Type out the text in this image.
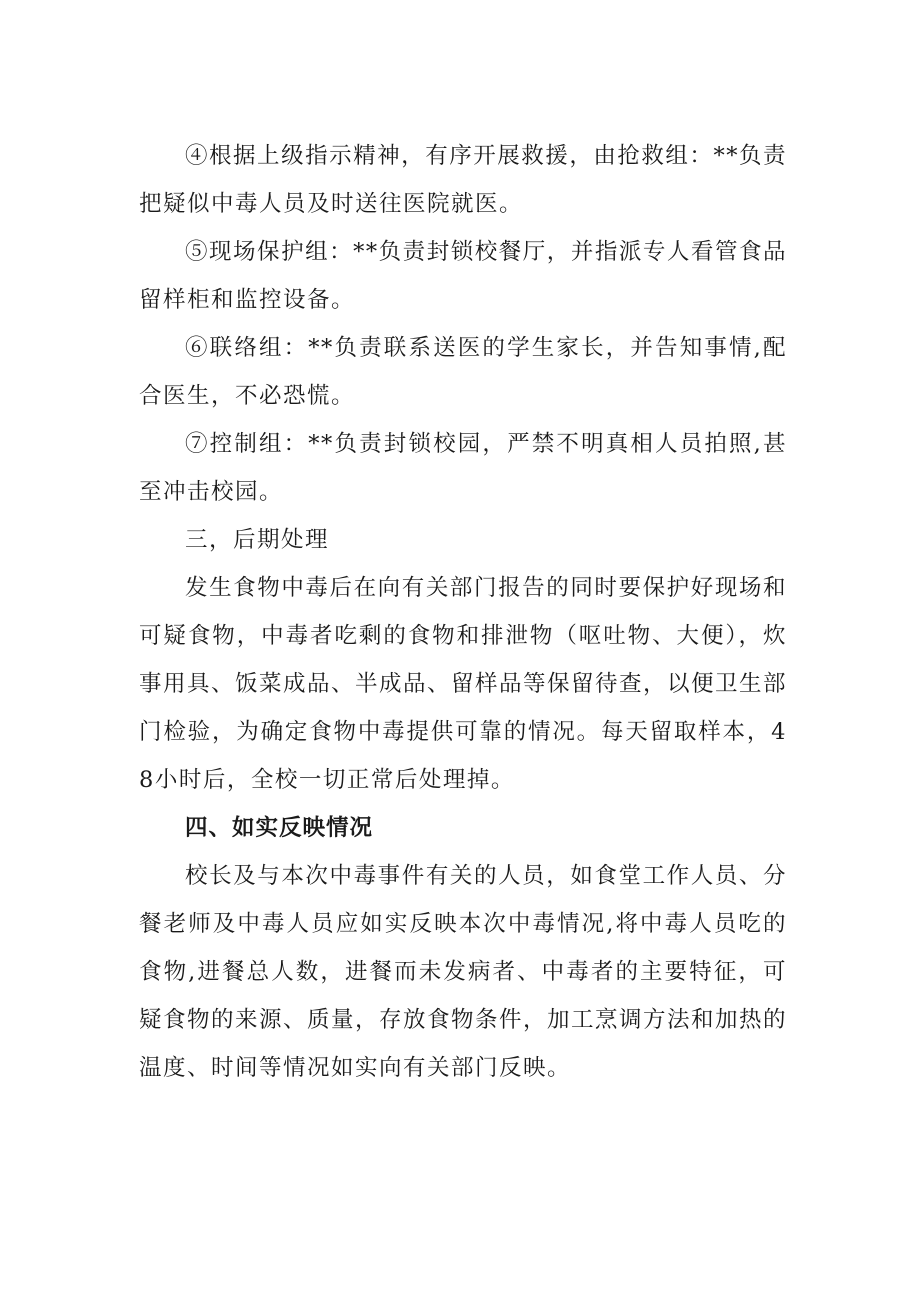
④根据上级指示精神，有序开展救援，由抢救组：**负责把疑似中毒人员及时送往医院就医。

⑤现场保护组：**负责封锁校餐厅，并指派专人看管食品留样柜和监控设备。

⑥联络组：**负责联系送医的学生家长，并告知事情,配合医生，不必恐慌。

⑦控制组：**负责封锁校园，严禁不明真相人员拍照,甚至冲击校园。

三，后期处理

发生食物中毒后在向有关部门报告的同时要保护好现场和可疑食物，中毒者吃剩的食物和排泄物（呕吐物、大便），炊事用具、饭菜成品、半成品、留样品等保留待查，以便卫生部门检验，为确定食物中毒提供可靠的情况。每天留取样本，48小时后，全校一切正常后处理掉。

四、如实反映情况

校长及与本次中毒事件有关的人员，如食堂工作人员、分餐老师及中毒人员应如实反映本次中毒情况,将中毒人员吃的食物,进餐总人数，进餐而未发病者、中毒者的主要特征，可疑食物的来源、质量，存放食物条件，加工烹调方法和加热的温度、时间等情况如实向有关部门反映。
